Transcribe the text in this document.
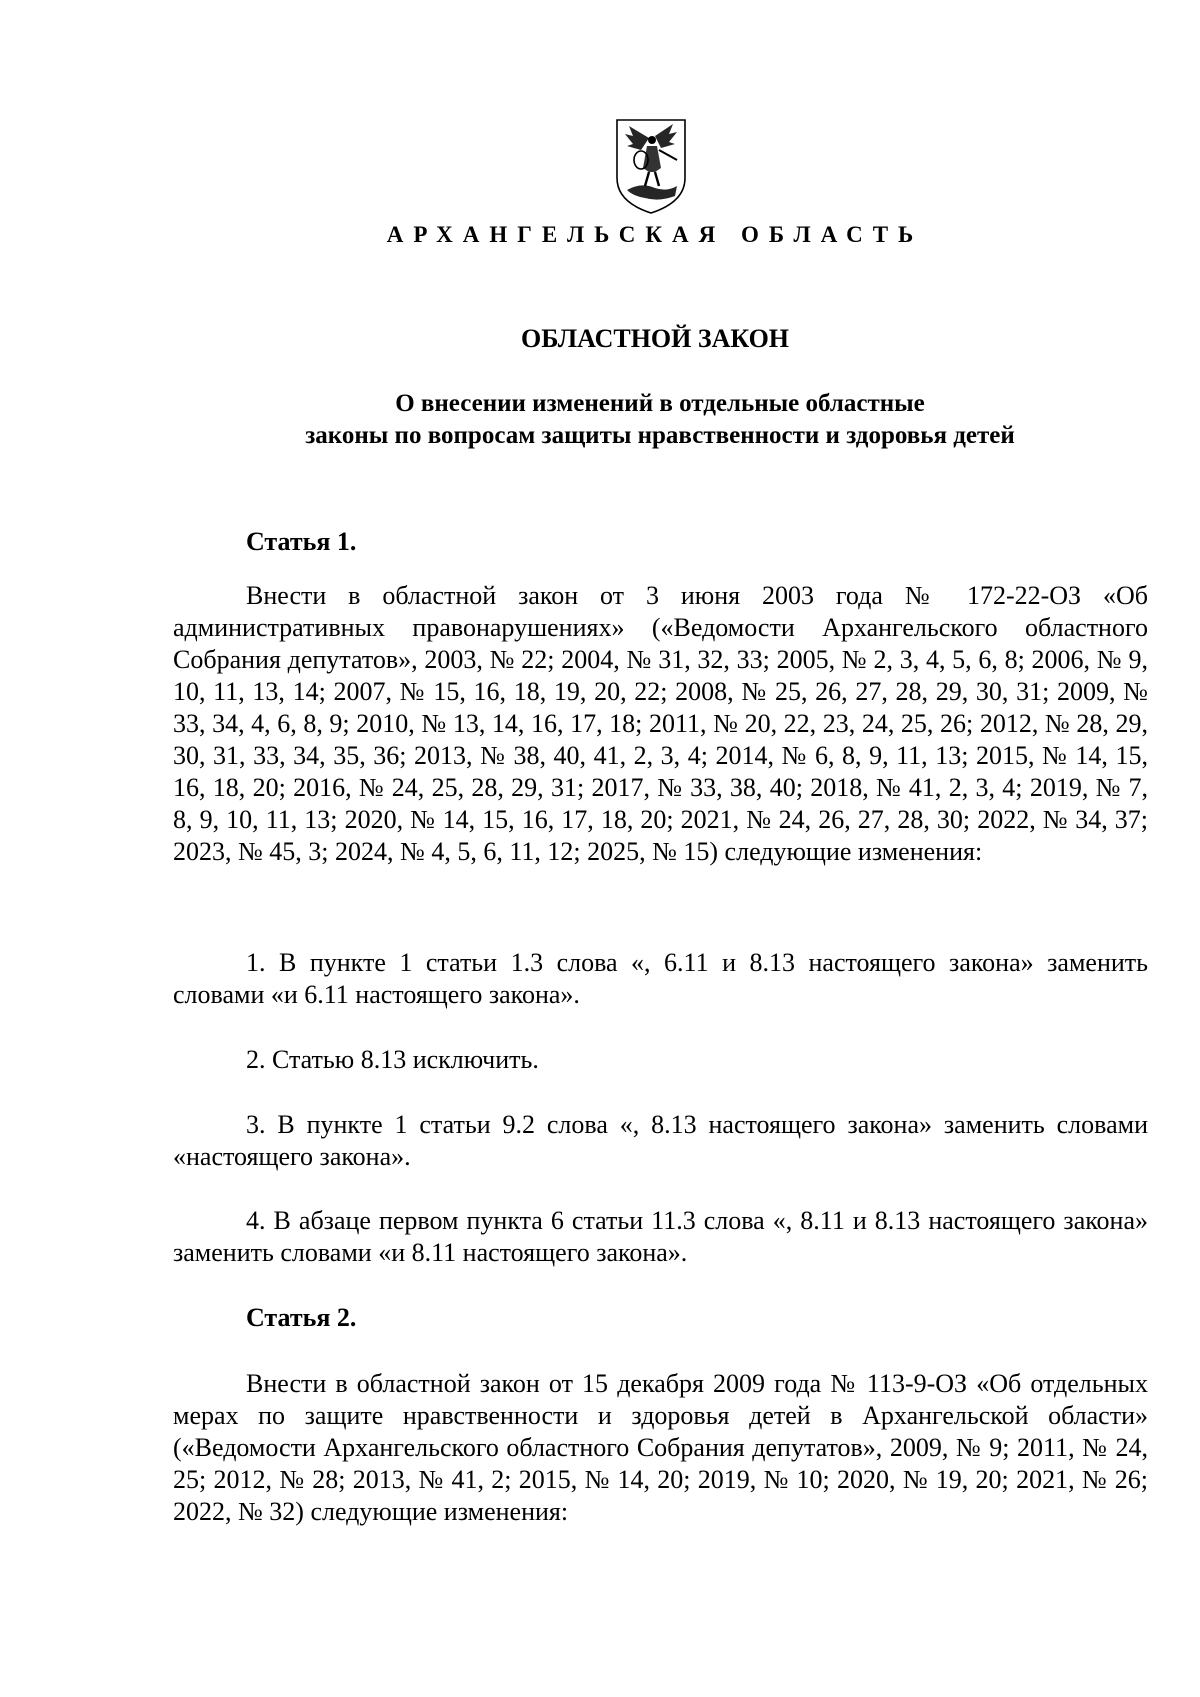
АРХАНГЕЛЬСКАЯ ОБЛАСТЬ
ОБЛАСТНОЙ ЗАКОН
О внесении изменений в отдельные областные
законы по вопросам защиты нравственности и здоровья детей
Статья 1.

Внести в областной закон от 3 июня 2003 года № 172-22-ОЗ «Об административных правонарушениях» («Ведомости Архангельского областного Собрания депутатов», 2003, № 22; 2004, № 31, 32, 33; 2005, № 2, 3, 4, 5, 6, 8; 2006, № 9, 10, 11, 13, 14; 2007, № 15, 16, 18, 19, 20, 22; 2008, № 25, 26, 27, 28, 29, 30, 31; 2009, № 33, 34, 4, 6, 8, 9; 2010, № 13, 14, 16, 17, 18; 2011, № 20, 22, 23, 24, 25, 26; 2012, № 28, 29, 30, 31, 33, 34, 35, 36; 2013, № 38, 40, 41, 2, 3, 4; 2014, № 6, 8, 9, 11, 13; 2015, № 14, 15, 16, 18, 20; 2016, № 24, 25, 28, 29, 31; 2017, № 33, 38, 40; 2018, № 41, 2, 3, 4; 2019, № 7, 8, 9, 10, 11, 13; 2020, № 14, 15, 16, 17, 18, 20; 2021, № 24, 26, 27, 28, 30; 2022, № 34, 37; 2023, № 45, 3; 2024, № 4, 5, 6, 11, 12; 2025, № 15) следующие изменения:

1. В пункте 1 статьи 1.3 слова «, 6.11 и 8.13 настоящего закона» заменить словами «и 6.11 настоящего закона».

2. Статью 8.13 исключить.

3. В пункте 1 статьи 9.2 слова «, 8.13 настоящего закона» заменить словами «настоящего закона».

4. В абзаце первом пункта 6 статьи 11.3 слова «, 8.11 и 8.13 настоящего закона» заменить словами «и 8.11 настоящего закона».

Статья 2.

Внести в областной закон от 15 декабря 2009 года № 113-9-ОЗ «Об отдельных мерах по защите нравственности и здоровья детей в Архангельской области» («Ведомости Архангельского областного Собрания депутатов», 2009, № 9; 2011, № 24, 25; 2012, № 28; 2013, № 41, 2; 2015, № 14, 20; 2019, № 10; 2020, № 19, 20; 2021, № 26; 2022, № 32) следующие изменения:
